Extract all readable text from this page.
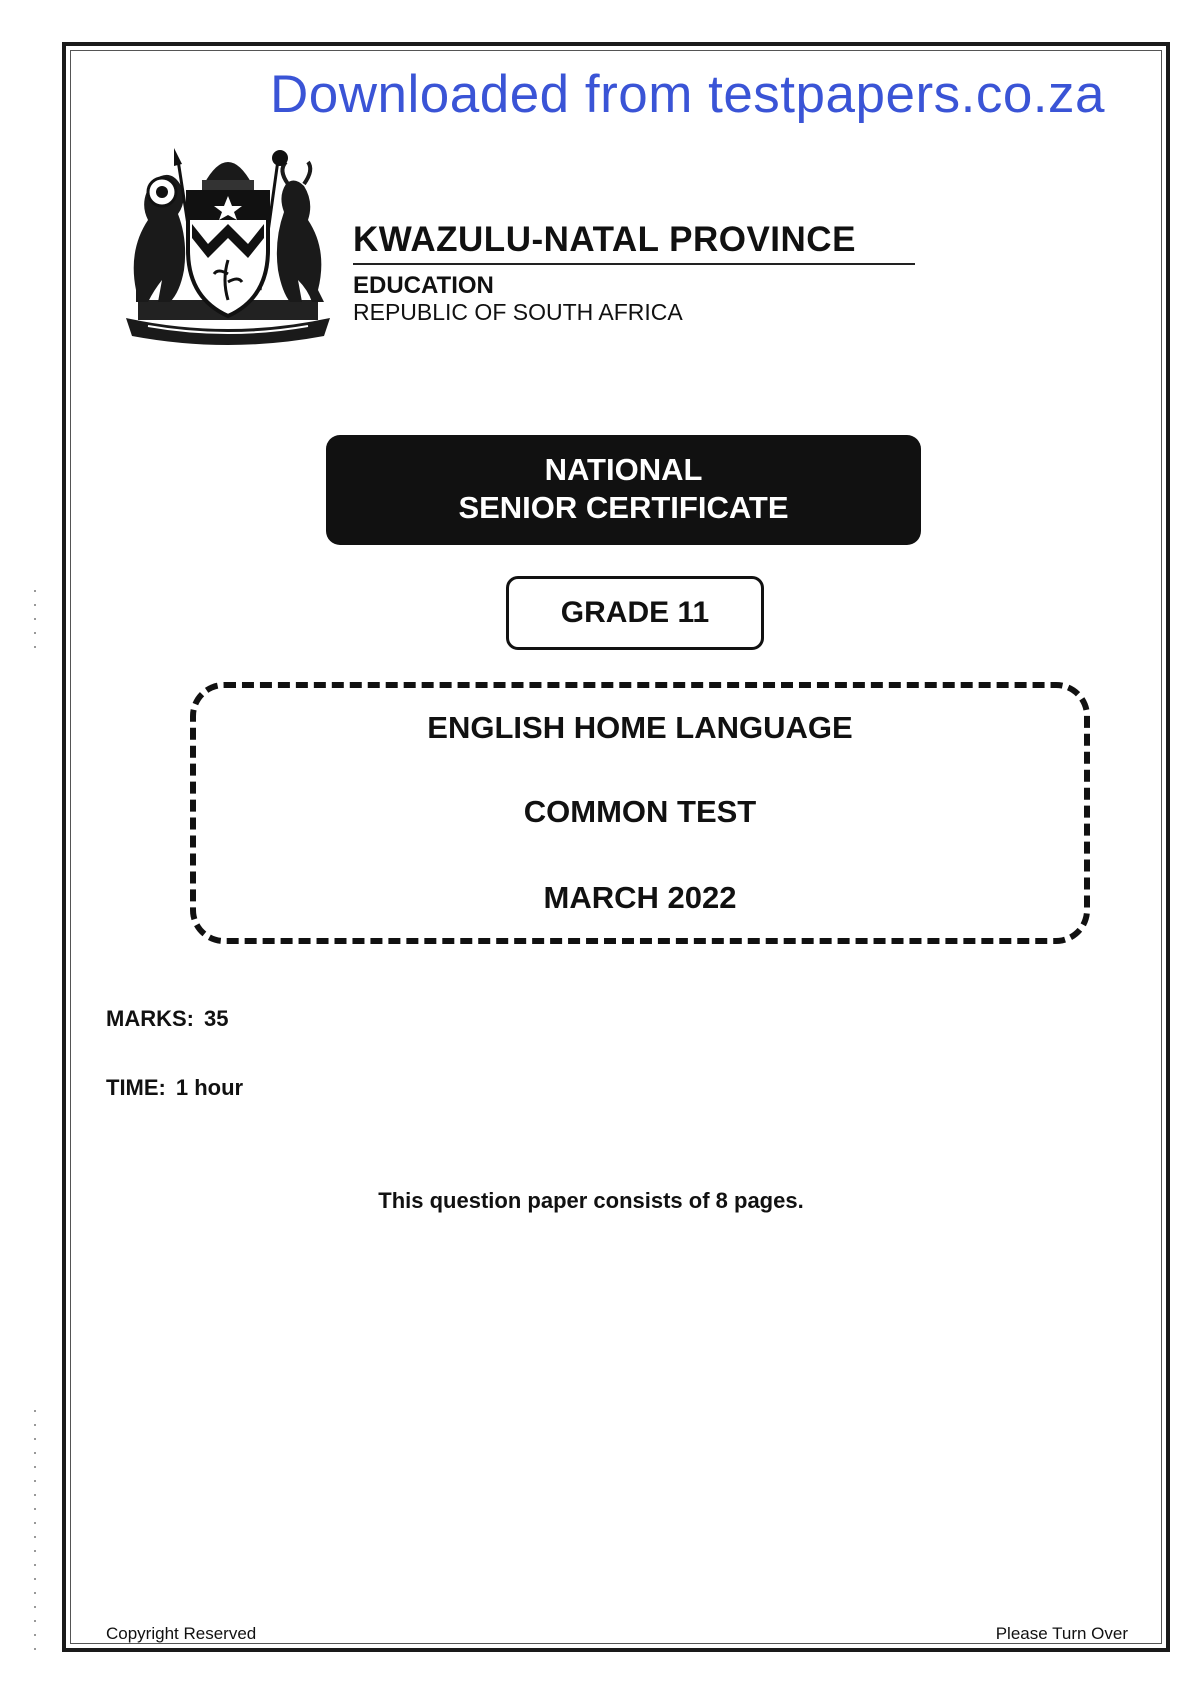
Downloaded from testpapers.co.za
KWAZULU-NATAL PROVINCE
EDUCATION
REPUBLIC OF SOUTH AFRICA
NATIONAL
SENIOR CERTIFICATE
GRADE 11
ENGLISH HOME LANGUAGE
COMMON TEST
MARCH 2022
MARKS: 35
TIME: 1 hour
This question paper consists of 8 pages.
Copyright Reserved	Please Turn Over
